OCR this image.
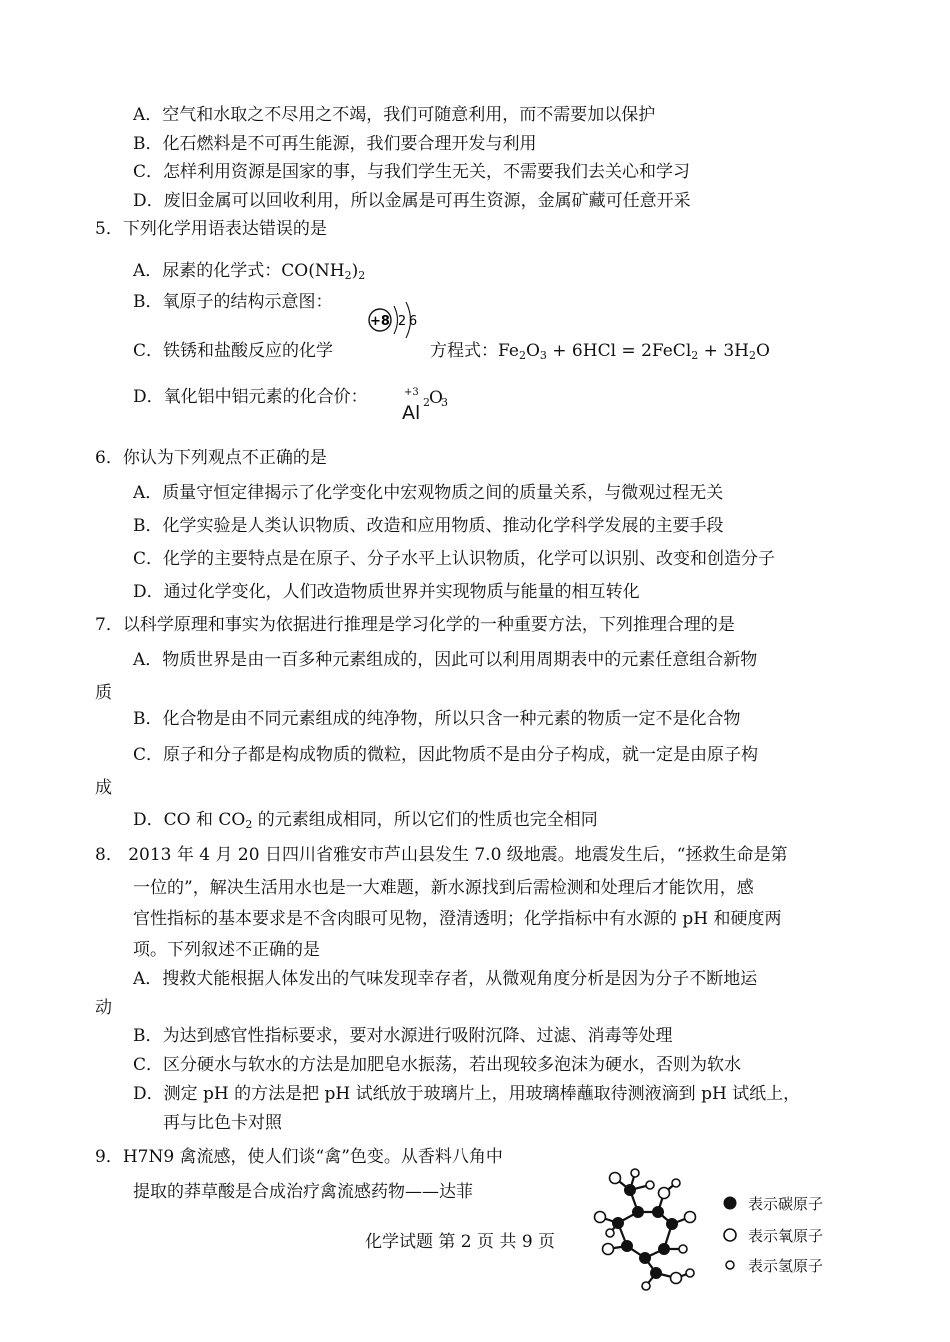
A．空气和水取之不尽用之不竭，我们可随意利用，而不需要加以保护
B．化石燃料是不可再生能源，我们要合理开发与利用
C．怎样利用资源是国家的事，与我们学生无关，不需要我们去关心和学习
D．废旧金属可以回收利用，所以金属是可再生资源，金属矿藏可任意开采
5．下列化学用语表达错误的是
A．尿素的化学式：$CO(NH_2)_2$
B．氧原子的结构示意图：
+8 2 6
C．铁锈和盐酸反应的化学	方程式：$Fe_2O_3 + 6HCl$ = 2FeCl$_2$ + $3H_2O$
D．氧化铝中铝元素的化合价：	+3
Al 2 O
3
6．你认为下列观点不正确的是
A．质量守恒定律揭示了化学变化中宏观物质之间的质量关系，与微观过程无关
B．化学实验是人类认识物质、改造和应用物质、推动化学科学发展的主要手段
C．化学的主要特点是在原子、分子水平上认识物质，化学可以识别、改变和创造分子
D．通过化学变化，人们改造物质世界并实现物质与能量的相互转化
7．以科学原理和事实为依据进行推理是学习化学的一种重要方法，下列推理合理的是
A．物质世界是由一百多种元素组成的，因此可以利用周期表中的元素任意组合新物
质
B．化合物是由不同元素组成的纯净物，所以只含一种元素的物质一定不是化合物
C．原子和分子都是构成物质的微粒，因此物质不是由分子构成，就一定是由原子构
成
D．CO 和 $CO_2$ 的元素组成相同，所以它们的性质也完全相同
8． 2013 年 4 月 20 日四川省雅安市芦山县发生 7.0 级地震。地震发生后，“拯救生命是第
一位的”，解决生活用水也是一大难题，新水源找到后需检测和处理后才能饮用，感
官性指标的基本要求是不含肉眼可见物，澄清透明；化学指标中有水源的 pH 和硬度两
项。下列叙述不正确的是
A．搜救犬能根据人体发出的气味发现幸存者，从微观角度分析是因为分子不断地运
动
B．为达到感官性指标要求，要对水源进行吸附沉降、过滤、消毒等处理
C．区分硬水与软水的方法是加肥皂水振荡，若出现较多泡沫为硬水，否则为软水
D．测定 pH 的方法是把 pH 试纸放于玻璃片上，用玻璃棒蘸取待测液滴到 pH 试纸上，
再与比色卡对照
9．H7N9 禽流感，使人们谈“禽”色变。从香料八角中
提取的莽草酸是合成治疗禽流感药物——达菲
表示碳原子
表示氧原子
表示氢原子
化学试题 第 2 页 共 9 页
